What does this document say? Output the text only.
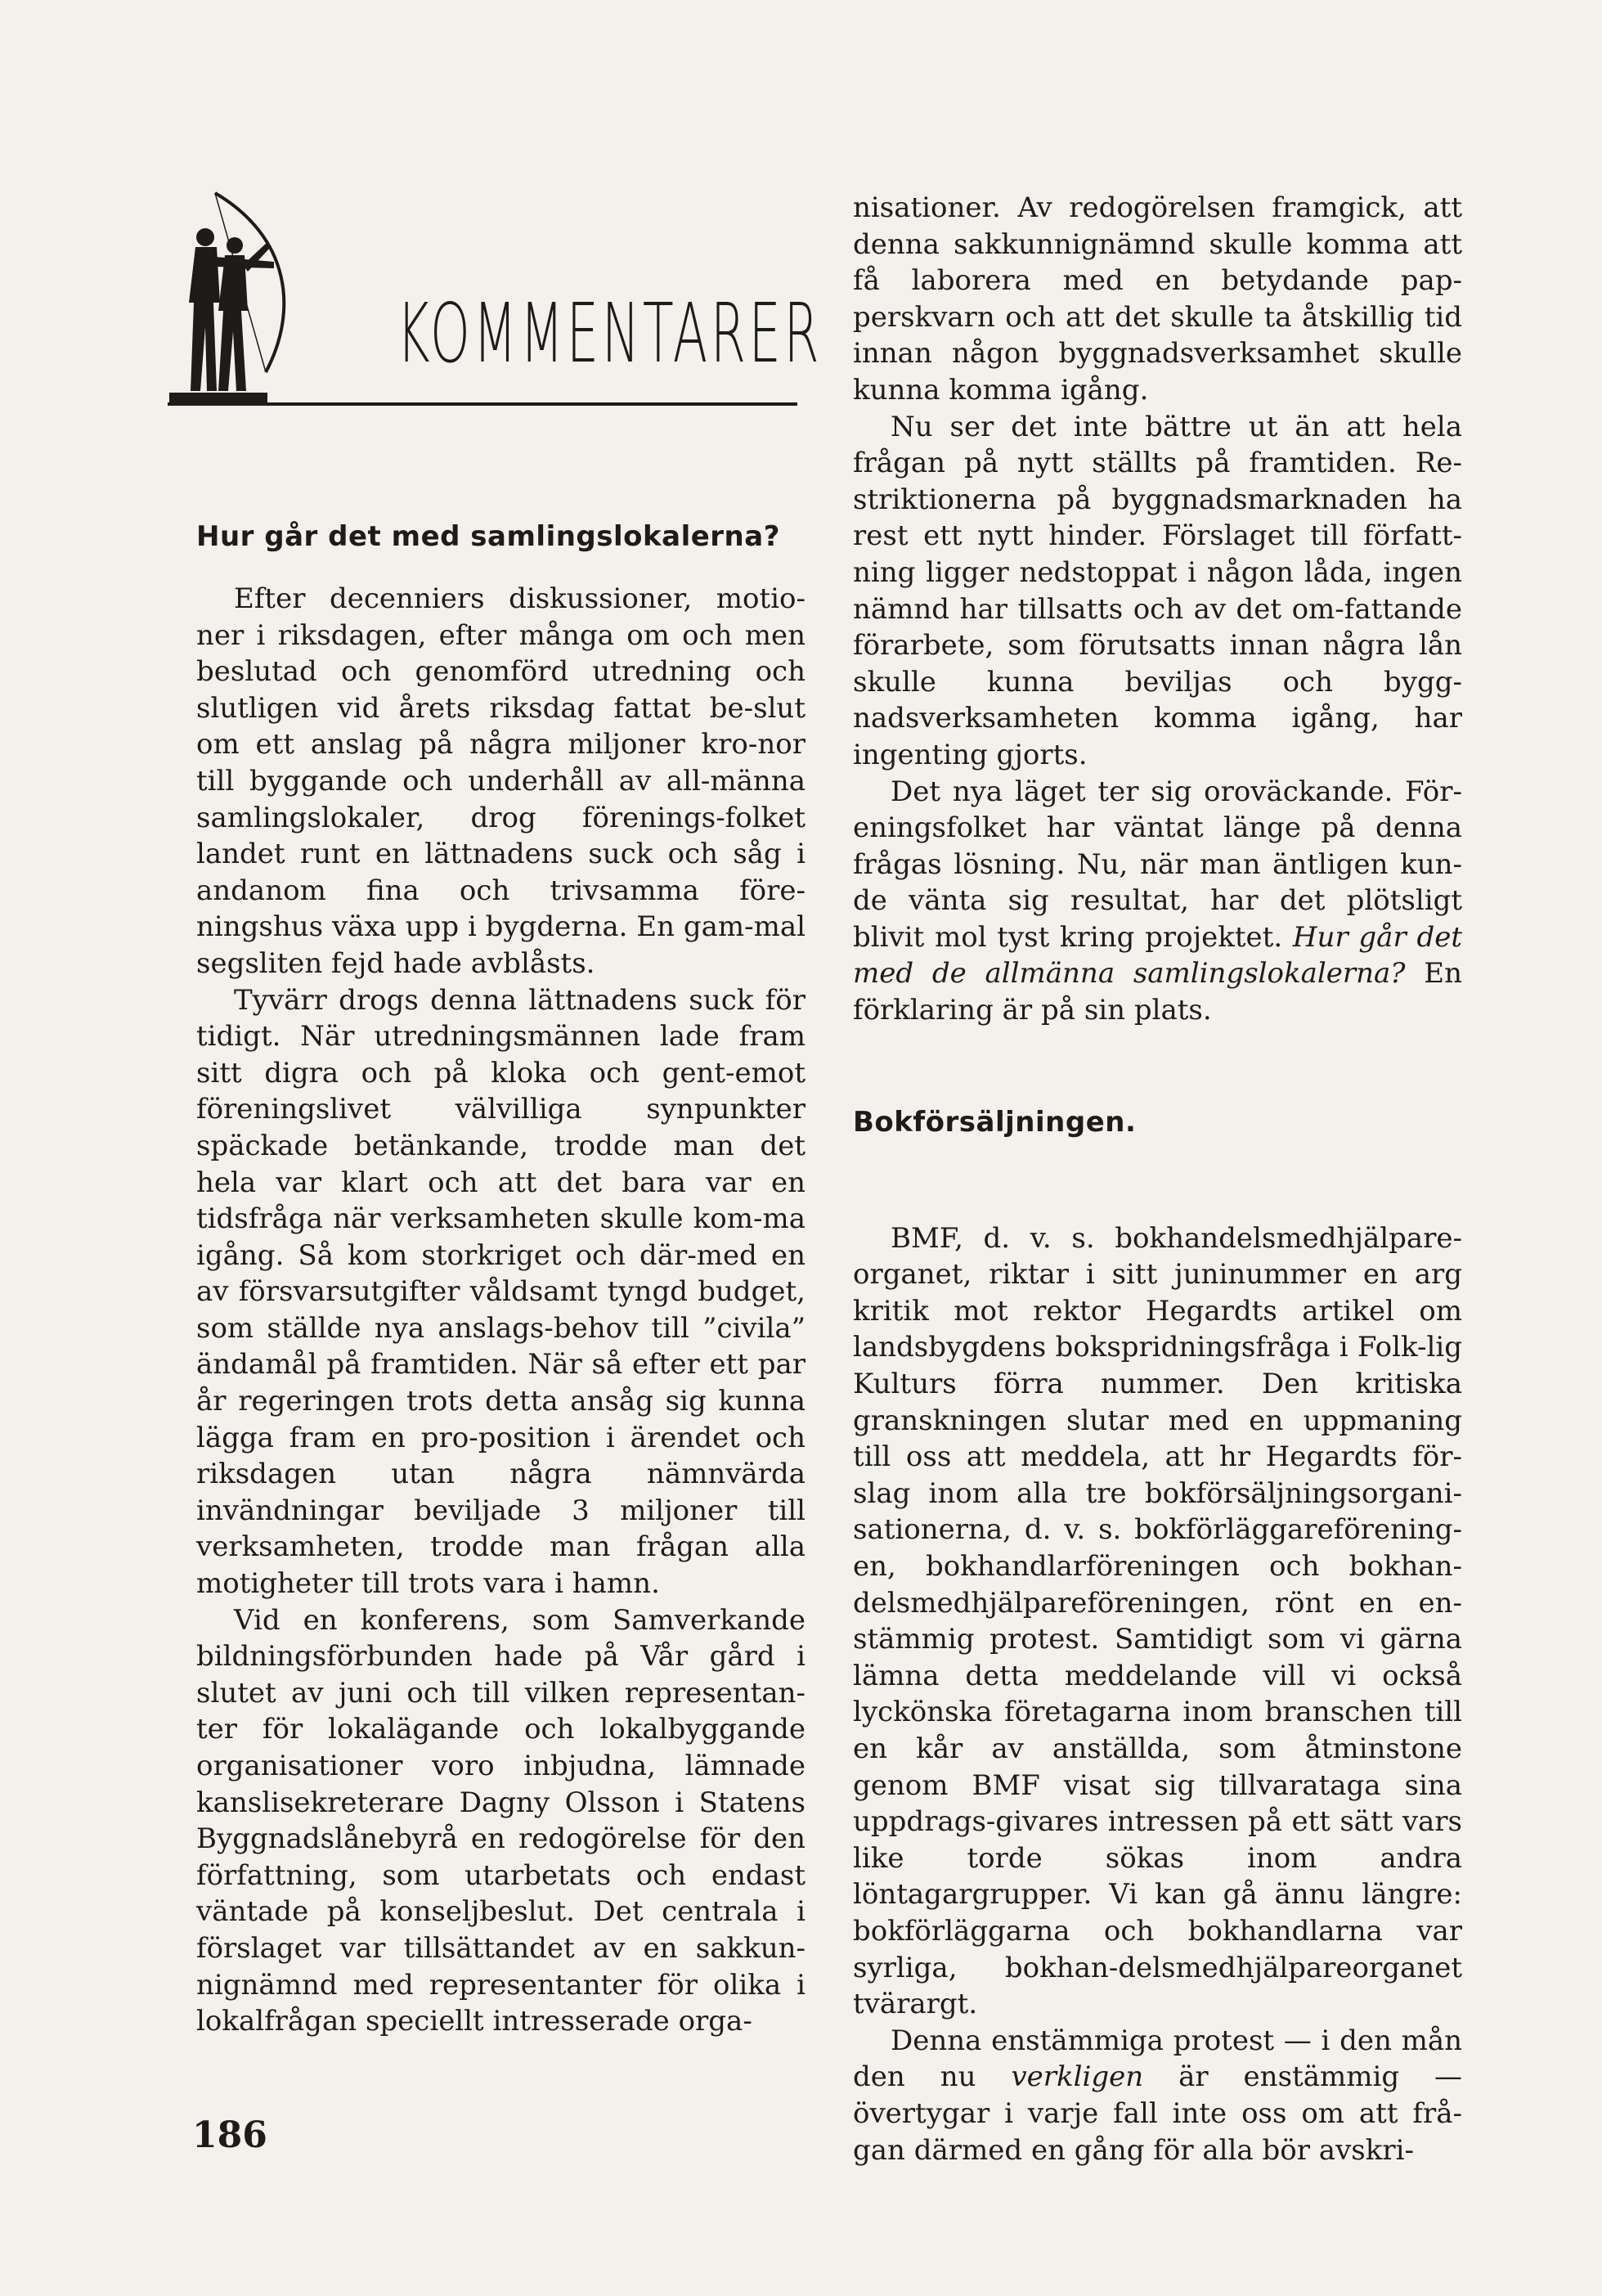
KOMMENTARER
Hur går det med samlingslokalerna?

Efter decenniers diskussioner, motio-ner i riksdagen, efter många om och men beslutad och genomförd utredning och slutligen vid årets riksdag fattat be-slut om ett anslag på några miljoner kro-nor till byggande och underhåll av all-männa samlingslokaler, drog förenings-folket landet runt en lättnadens suck och såg i andanom fina och trivsamma före-ningshus växa upp i bygderna. En gam-mal segsliten fejd hade avblåsts.

Tyvärr drogs denna lättnadens suck för tidigt. När utredningsmännen lade fram sitt digra och på kloka och gent-emot föreningslivet välvilliga synpunkter späckade betänkande, trodde man det hela var klart och att det bara var en tidsfråga när verksamheten skulle kom-ma igång. Så kom storkriget och där-med en av försvarsutgifter våldsamt tyngd budget, som ställde nya anslags-behov till ”civila” ändamål på framtiden. När så efter ett par år regeringen trots detta ansåg sig kunna lägga fram en pro-position i ärendet och riksdagen utan några nämnvärda invändningar beviljade 3 miljoner till verksamheten, trodde man frågan alla motigheter till trots vara i hamn.

Vid en konferens, som Samverkande bildningsförbunden hade på Vår gård i slutet av juni och till vilken representan-ter för lokalägande och lokalbyggande organisationer voro inbjudna, lämnade kanslisekreterare Dagny Olsson i Statens Byggnadslånebyrå en redogörelse för den författning, som utarbetats och endast väntade på konseljbeslut. Det centrala i förslaget var tillsättandet av en sakkun-nignämnd med representanter för olika i lokalfrågan speciellt intresserade orga-

nisationer. Av redogörelsen framgick, att denna sakkunnignämnd skulle komma att få laborera med en betydande pap-perskvarn och att det skulle ta åtskillig tid innan någon byggnadsverksamhet skulle kunna komma igång.

Nu ser det inte bättre ut än att hela frågan på nytt ställts på framtiden. Re-striktionerna på byggnadsmarknaden ha rest ett nytt hinder. Förslaget till författ-ning ligger nedstoppat i någon låda, ingen nämnd har tillsatts och av det om-fattande förarbete, som förutsatts innan några lån skulle kunna beviljas och bygg-nadsverksamheten komma igång, har ingenting gjorts.

Det nya läget ter sig oroväckande. För-eningsfolket har väntat länge på denna frågas lösning. Nu, när man äntligen kun-de vänta sig resultat, har det plötsligt blivit mol tyst kring projektet. Hur går det med de allmänna samlingslokalerna? En förklaring är på sin plats.

BMF, d. v. s. bokhandelsmedhjälpare-organet, riktar i sitt juninummer en arg kritik mot rektor Hegardts artikel om landsbygdens bokspridningsfråga i Folk-lig Kulturs förra nummer. Den kritiska granskningen slutar med en uppmaning till oss att meddela, att hr Hegardts för-slag inom alla tre bokförsäljningsorgani-sationerna, d. v. s. bokförläggareförening-en, bokhandlarföreningen och bokhan-delsmedhjälpareföreningen, rönt en en-stämmig protest. Samtidigt som vi gärna lämna detta meddelande vill vi också lyckönska företagarna inom branschen till en kår av anställda, som åtminstone genom BMF visat sig tillvarataga sina uppdrags-givares intressen på ett sätt vars like torde sökas inom andra löntagargrupper. Vi kan gå ännu längre: bokförläggarna och bokhandlarna var syrliga, bokhan-delsmedhjälpareorganet tvärargt.

Denna enstämmiga protest — i den mån den nu verkligen är enstämmig — övertygar i varje fall inte oss om att frå-gan därmed en gång för alla bör avskri-

Bokförsäljningen.
186
